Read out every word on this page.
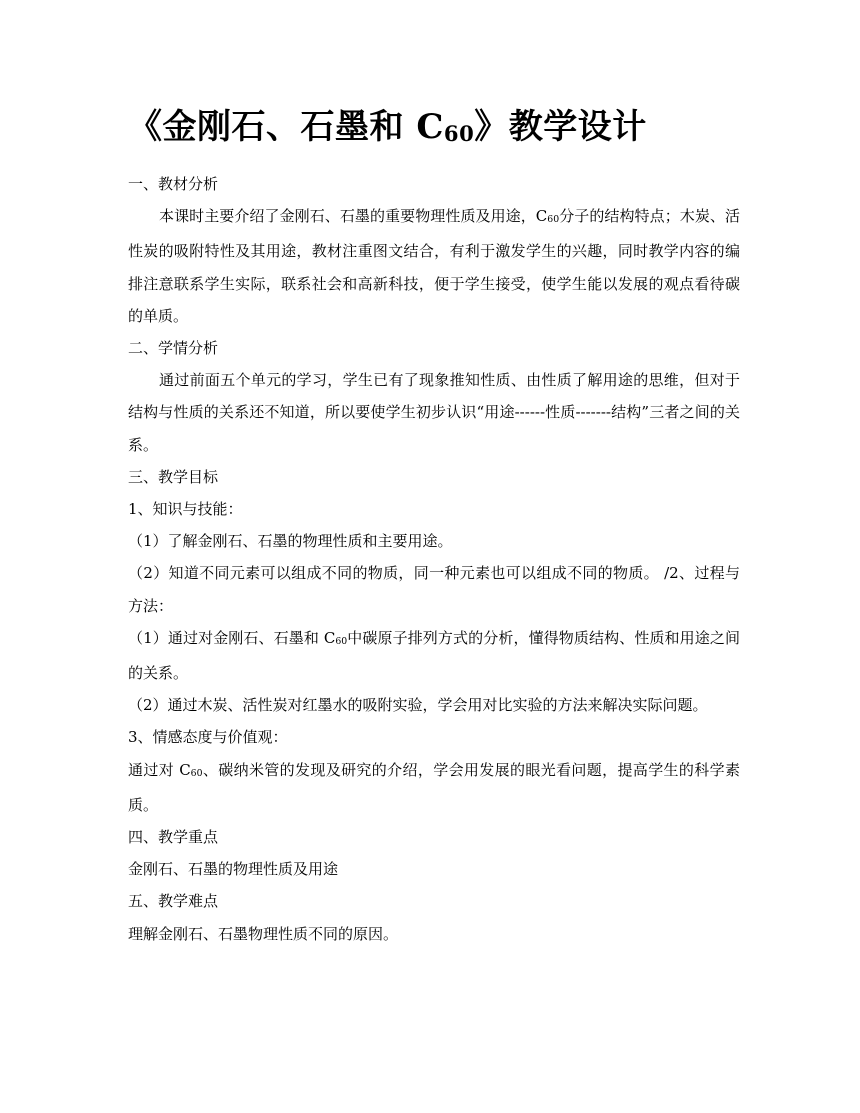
《金刚石、石墨和 $C_{60}$》教学设计

一、教材分析

本课时主要介绍了金刚石、石墨的重要物理性质及用途，$C_{60}$分子的结构特点；木炭、活性炭的吸附特性及其用途，教材注重图文结合，有利于激发学生的兴趣，同时教学内容的编排注意联系学生实际，联系社会和高新科技，便于学生接受，使学生能以发展的观点看待碳的单质。

二、学情分析

通过前面五个单元的学习，学生已有了现象推知性质、由性质了解用途的思维，但对于结构与性质的关系还不知道，所以要使学生初步认识“用途------性质-------结构”三者之间的关系。

三、教学目标

1、知识与技能：

（1）了解金刚石、石墨的物理性质和主要用途。

（2）知道不同元素可以组成不同的物质，同一种元素也可以组成不同的物质。 /2、过程与方法：

（1）通过对金刚石、石墨和 $C_{60}$中碳原子排列方式的分析，懂得物质结构、性质和用途之间的关系。

（2）通过木炭、活性炭对红墨水的吸附实验，学会用对比实验的方法来解决实际问题。

3、情感态度与价值观：

通过对 $C_{60}$、碳纳米管的发现及研究的介绍，学会用发展的眼光看问题，提高学生的科学素质。

四、教学重点

金刚石、石墨的物理性质及用途

五、教学难点

理解金刚石、石墨物理性质不同的原因。
